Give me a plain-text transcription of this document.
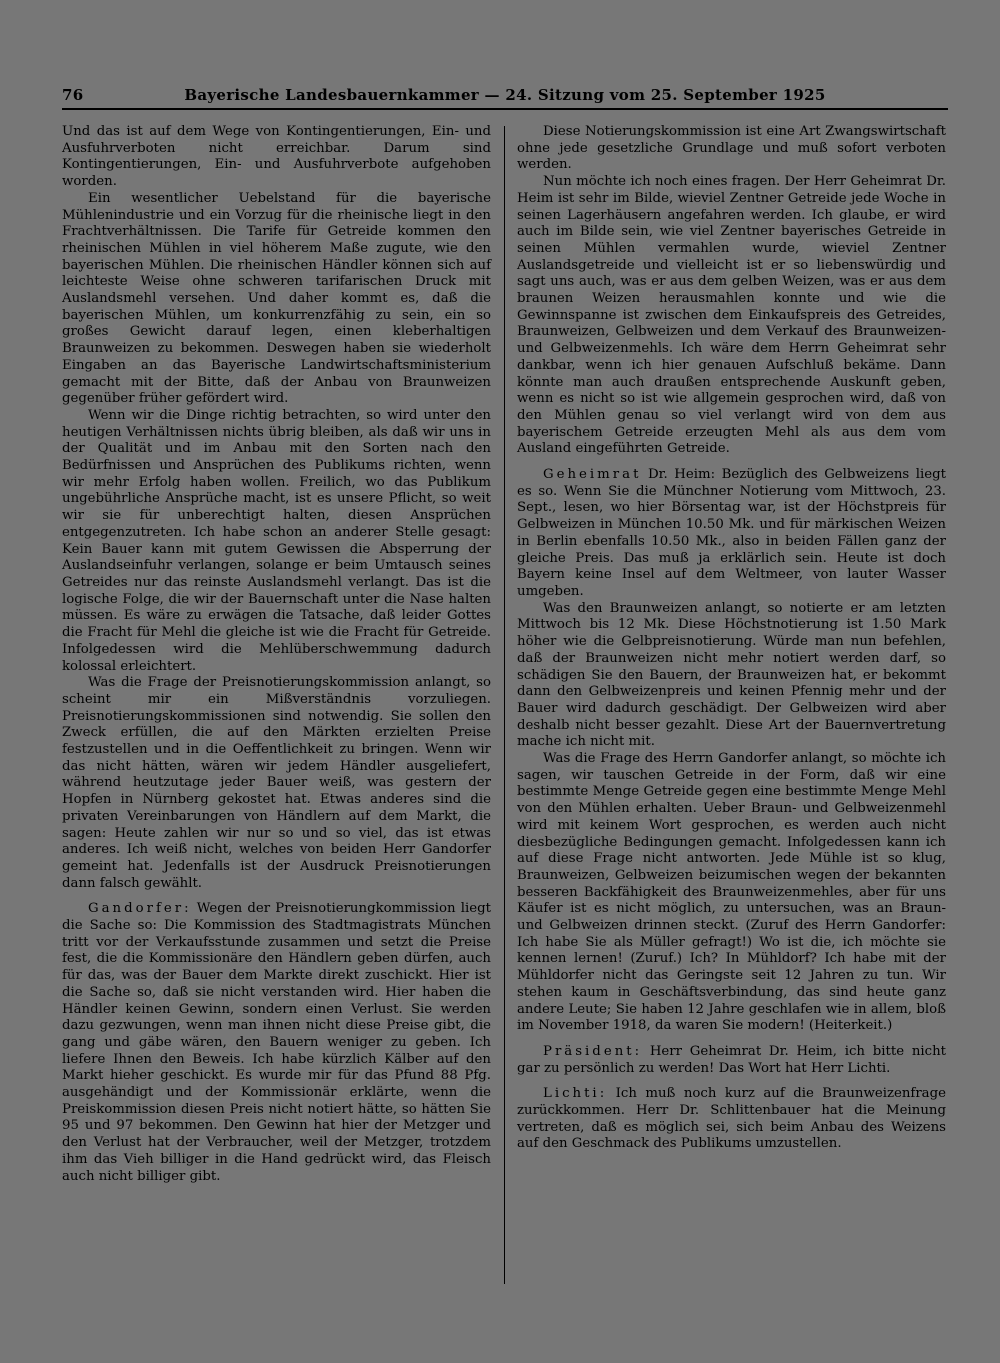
76	Bayerische Landesbauernkammer — 24. Sitzung vom 25. September 1925

Und das ist auf dem Wege von Kontingentierungen, Ein- und Ausfuhrverboten nicht erreichbar. Darum sind Kontingentierungen, Ein- und Ausfuhrverbote aufgehoben worden.

Ein wesentlicher Uebelstand für die bayerische Mühlenindustrie und ein Vorzug für die rheinische liegt in den Frachtverhältnissen. Die Tarife für Getreide kommen den rheinischen Mühlen in viel höherem Maße zugute, wie den bayerischen Mühlen. Die rheinischen Händler können sich auf leichteste Weise ohne schweren tarifarischen Druck mit Auslandsmehl versehen. Und daher kommt es, daß die bayerischen Mühlen, um konkurrenzfähig zu sein, ein so großes Gewicht darauf legen, einen kleberhaltigen Braunweizen zu bekommen. Deswegen haben sie wiederholt Eingaben an das Bayerische Landwirtschaftsministerium gemacht mit der Bitte, daß der Anbau von Braunweizen gegenüber früher gefördert wird.

Wenn wir die Dinge richtig betrachten, so wird unter den heutigen Verhältnissen nichts übrig bleiben, als daß wir uns in der Qualität und im Anbau mit den Sorten nach den Bedürfnissen und Ansprüchen des Publikums richten, wenn wir mehr Erfolg haben wollen. Freilich, wo das Publikum ungebührliche Ansprüche macht, ist es unsere Pflicht, so weit wir sie für unberechtigt halten, diesen Ansprüchen entgegenzutreten. Ich habe schon an anderer Stelle gesagt: Kein Bauer kann mit gutem Gewissen die Absperrung der Auslandseinfuhr verlangen, solange er beim Umtausch seines Getreides nur das reinste Auslandsmehl verlangt. Das ist die logische Folge, die wir der Bauernschaft unter die Nase halten müssen. Es wäre zu erwägen die Tatsache, daß leider Gottes die Fracht für Mehl die gleiche ist wie die Fracht für Getreide. Infolgedessen wird die Mehlüberschwemmung dadurch kolossal erleichtert.

Was die Frage der Preisnotierungskommission anlangt, so scheint mir ein Mißverständnis vorzuliegen. Preisnotierungskommissionen sind notwendig. Sie sollen den Zweck erfüllen, die auf den Märkten erzielten Preise festzustellen und in die Oeffentlichkeit zu bringen. Wenn wir das nicht hätten, wären wir jedem Händler ausgeliefert, während heutzutage jeder Bauer weiß, was gestern der Hopfen in Nürnberg gekostet hat. Etwas anderes sind die privaten Vereinbarungen von Händlern auf dem Markt, die sagen: Heute zahlen wir nur so und so viel, das ist etwas anderes. Ich weiß nicht, welches von beiden Herr Gandorfer gemeint hat. Jedenfalls ist der Ausdruck Preisnotierungen dann falsch gewählt.

Gandorfer: Wegen der Preisnotierungkommission liegt die Sache so: Die Kommission des Stadtmagistrats München tritt vor der Verkaufsstunde zusammen und setzt die Preise fest, die die Kommissionäre den Händlern geben dürfen, auch für das, was der Bauer dem Markte direkt zuschickt. Hier ist die Sache so, daß sie nicht verstanden wird. Hier haben die Händler keinen Gewinn, sondern einen Verlust. Sie werden dazu gezwungen, wenn man ihnen nicht diese Preise gibt, die gang und gäbe wären, den Bauern weniger zu geben. Ich liefere Ihnen den Beweis. Ich habe kürzlich Kälber auf den Markt hieher geschickt. Es wurde mir für das Pfund 88 Pfg. ausgehändigt und der Kommissionär erklärte, wenn die Preiskommission diesen Preis nicht notiert hätte, so hätten Sie 95 und 97 bekommen. Den Gewinn hat hier der Metzger und den Verlust hat der Verbraucher, weil der Metzger, trotzdem ihm das Vieh billiger in die Hand gedrückt wird, das Fleisch auch nicht billiger gibt.

Diese Notierungskommission ist eine Art Zwangswirtschaft ohne jede gesetzliche Grundlage und muß sofort verboten werden.

Nun möchte ich noch eines fragen. Der Herr Geheimrat Dr. Heim ist sehr im Bilde, wieviel Zentner Getreide jede Woche in seinen Lagerhäusern angefahren werden. Ich glaube, er wird auch im Bilde sein, wie viel Zentner bayerisches Getreide in seinen Mühlen vermahlen wurde, wieviel Zentner Auslandsgetreide und vielleicht ist er so liebenswürdig und sagt uns auch, was er aus dem gelben Weizen, was er aus dem braunen Weizen herausmahlen konnte und wie die Gewinnspanne ist zwischen dem Einkaufspreis des Getreides, Braunweizen, Gelbweizen und dem Verkauf des Braunweizen- und Gelbweizenmehls. Ich wäre dem Herrn Geheimrat sehr dankbar, wenn ich hier genauen Aufschluß bekäme. Dann könnte man auch draußen entsprechende Auskunft geben, wenn es nicht so ist wie allgemein gesprochen wird, daß von den Mühlen genau so viel verlangt wird von dem aus bayerischem Getreide erzeugten Mehl als aus dem vom Ausland eingeführten Getreide.

Geheimrat Dr. Heim: Bezüglich des Gelbweizens liegt es so. Wenn Sie die Münchner Notierung vom Mittwoch, 23. Sept., lesen, wo hier Börsentag war, ist der Höchstpreis für Gelbweizen in München 10.50 Mk. und für märkischen Weizen in Berlin ebenfalls 10.50 Mk., also in beiden Fällen ganz der gleiche Preis. Das muß ja erklärlich sein. Heute ist doch Bayern keine Insel auf dem Weltmeer, von lauter Wasser umgeben.

Was den Braunweizen anlangt, so notierte er am letzten Mittwoch bis 12 Mk. Diese Höchstnotierung ist 1.50 Mark höher wie die Gelbpreisnotierung. Würde man nun befehlen, daß der Braunweizen nicht mehr notiert werden darf, so schädigen Sie den Bauern, der Braunweizen hat, er bekommt dann den Gelbweizenpreis und keinen Pfennig mehr und der Bauer wird dadurch geschädigt. Der Gelbweizen wird aber deshalb nicht besser gezahlt. Diese Art der Bauernvertretung mache ich nicht mit.

Was die Frage des Herrn Gandorfer anlangt, so möchte ich sagen, wir tauschen Getreide in der Form, daß wir eine bestimmte Menge Getreide gegen eine bestimmte Menge Mehl von den Mühlen erhalten. Ueber Braun- und Gelbweizenmehl wird mit keinem Wort gesprochen, es werden auch nicht diesbezügliche Bedingungen gemacht. Infolgedessen kann ich auf diese Frage nicht antworten. Jede Mühle ist so klug, Braunweizen, Gelbweizen beizumischen wegen der bekannten besseren Backfähigkeit des Braunweizenmehles, aber für uns Käufer ist es nicht möglich, zu untersuchen, was an Braun- und Gelbweizen drinnen steckt. (Zuruf des Herrn Gandorfer: Ich habe Sie als Müller gefragt!) Wo ist die, ich möchte sie kennen lernen! (Zuruf.) Ich? In Mühldorf? Ich habe mit der Mühldorfer nicht das Geringste seit 12 Jahren zu tun. Wir stehen kaum in Geschäftsverbindung, das sind heute ganz andere Leute; Sie haben 12 Jahre geschlafen wie in allem, bloß im November 1918, da waren Sie modern! (Heiterkeit.)

Präsident: Herr Geheimrat Dr. Heim, ich bitte nicht gar zu persönlich zu werden! Das Wort hat Herr Lichti.

Lichti: Ich muß noch kurz auf die Braunweizenfrage zurückkommen. Herr Dr. Schlittenbauer hat die Meinung vertreten, daß es möglich sei, sich beim Anbau des Weizens auf den Geschmack des Publikums umzustellen.
